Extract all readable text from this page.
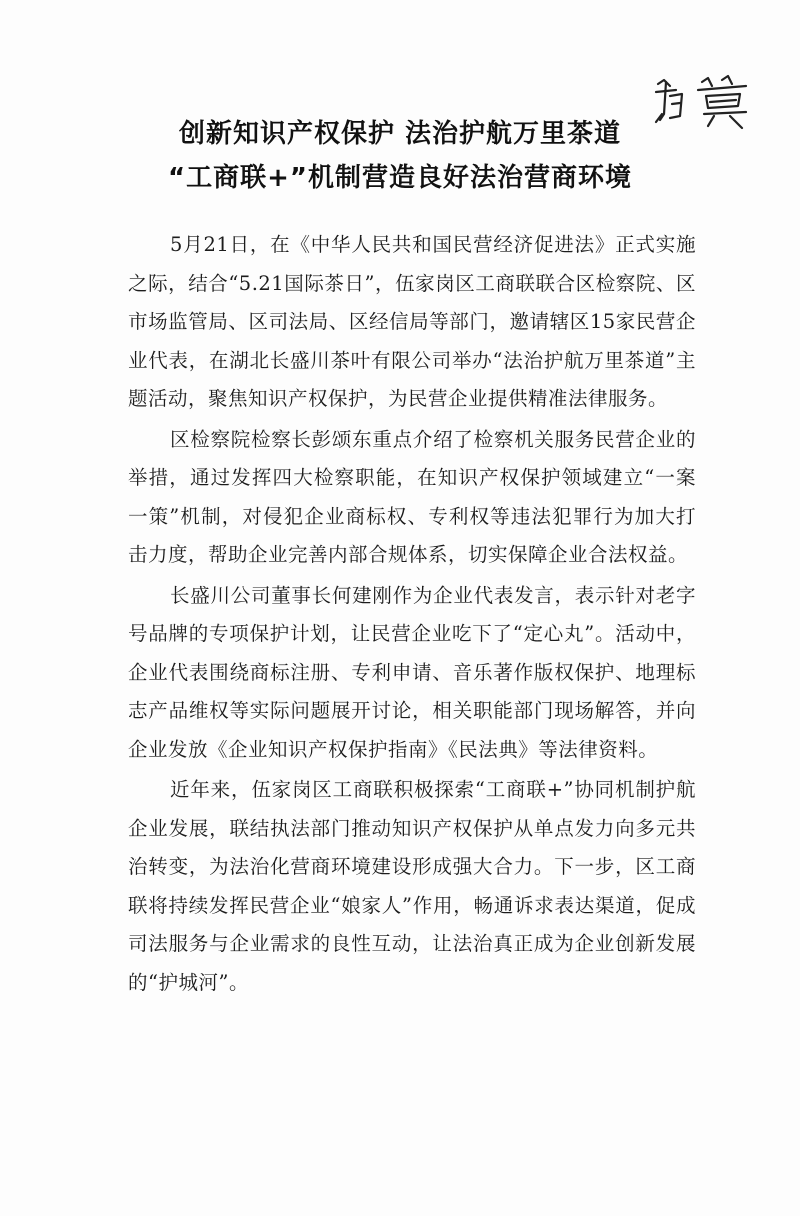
创新知识产权保护 法治护航万里茶道
“工商联+”机制营造良好法治营商环境

5月21日，在《中华人民共和国民营经济促进法》正式实施之际，结合“5.21国际茶日”，伍家岗区工商联联合区检察院、区市场监管局、区司法局、区经信局等部门，邀请辖区15家民营企业代表，在湖北长盛川茶叶有限公司举办“法治护航万里茶道”主题活动，聚焦知识产权保护，为民营企业提供精准法律服务。

区检察院检察长彭颂东重点介绍了检察机关服务民营企业的举措，通过发挥四大检察职能，在知识产权保护领域建立“一案一策”机制，对侵犯企业商标权、专利权等违法犯罪行为加大打击力度，帮助企业完善内部合规体系，切实保障企业合法权益。

长盛川公司董事长何建刚作为企业代表发言，表示针对老字号品牌的专项保护计划，让民营企业吃下了“定心丸”。活动中，企业代表围绕商标注册、专利申请、音乐著作版权保护、地理标志产品维权等实际问题展开讨论，相关职能部门现场解答，并向企业发放《企业知识产权保护指南》《民法典》等法律资料。

近年来，伍家岗区工商联积极探索“工商联+”协同机制护航企业发展，联结执法部门推动知识产权保护从单点发力向多元共治转变，为法治化营商环境建设形成强大合力。下一步，区工商联将持续发挥民营企业“娘家人”作用，畅通诉求表达渠道，促成司法服务与企业需求的良性互动，让法治真正成为企业创新发展的“护城河”。
